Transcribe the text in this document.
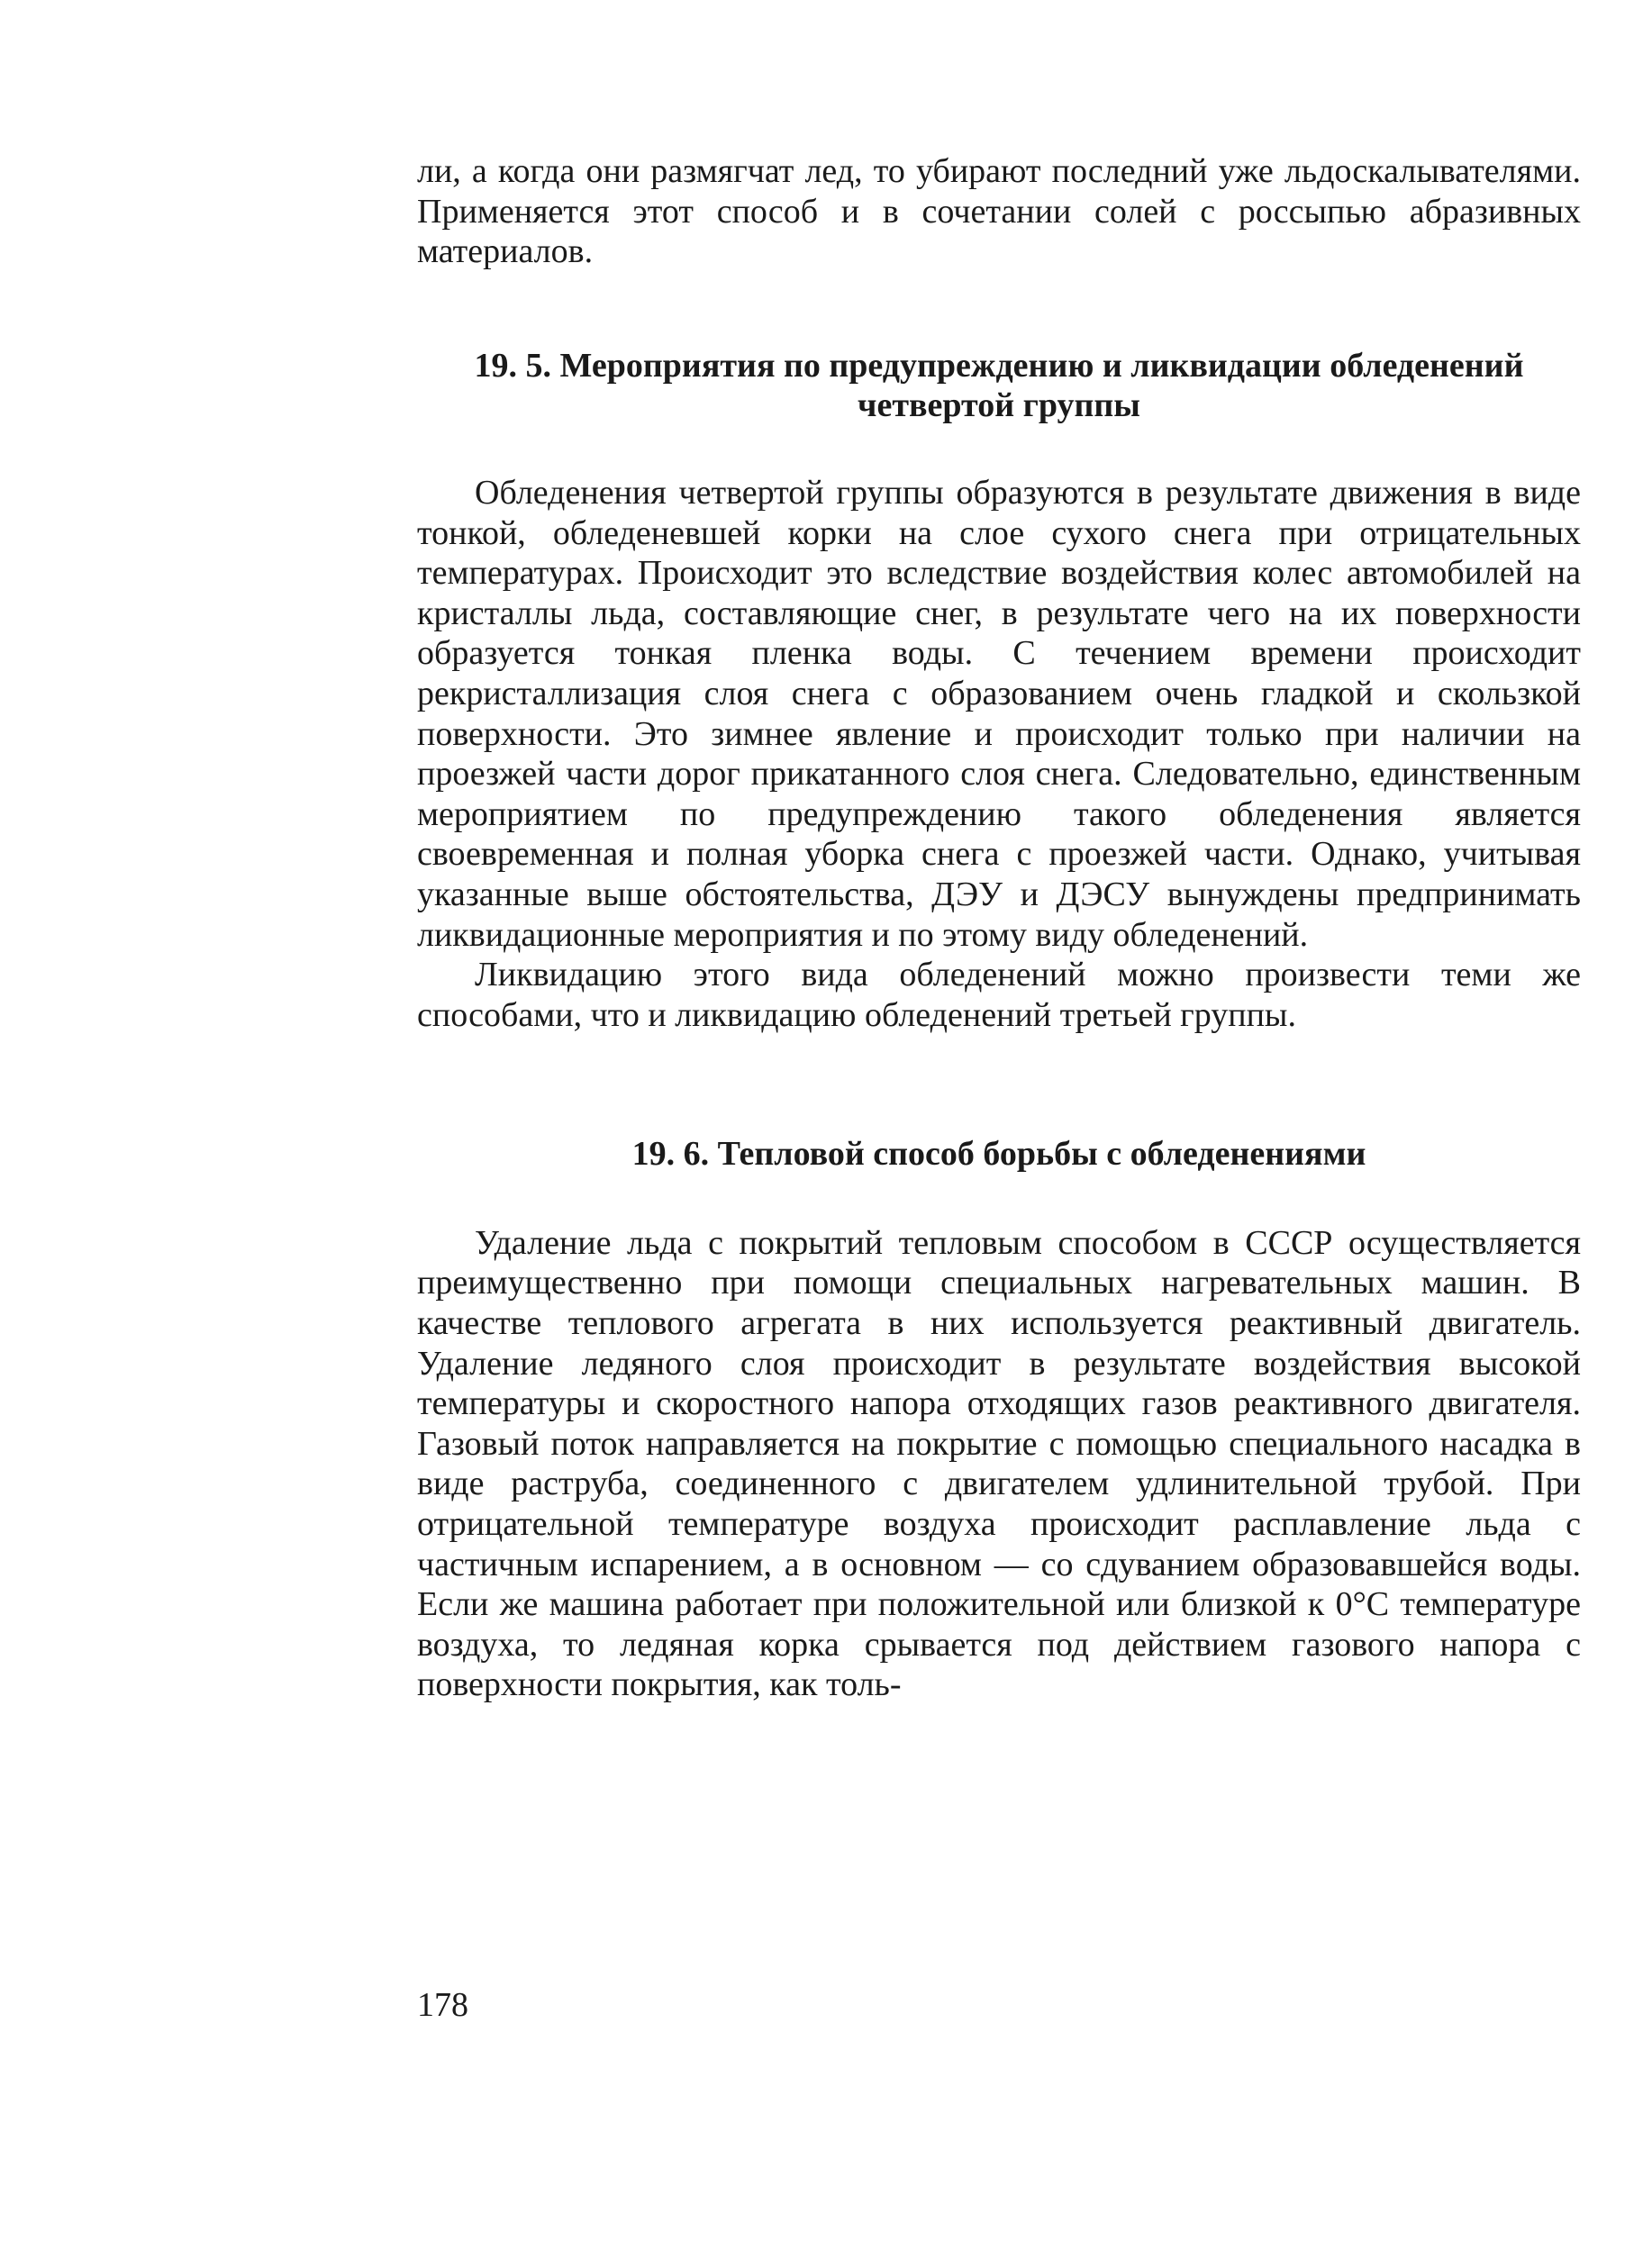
ли, а когда они размягчат лед, то убирают последний уже льдоскалывателями. Применяется этот способ и в сочетании солей с россыпью абразивных материалов.

19. 5. Мероприятия по предупреждению и ликвидации обледенений четвертой группы

Обледенения четвертой группы образуются в результате движения в виде тонкой, обледеневшей корки на слое сухого снега при отрицательных температурах. Происходит это вследствие воздействия колес автомобилей на кристаллы льда, составляющие снег, в результате чего на их поверхности образуется тонкая пленка воды. С течением времени происходит рекристаллизация слоя снега с образованием очень гладкой и скользкой поверхности. Это зимнее явление и происходит только при наличии на проезжей части дорог прикатанного слоя снега. Следовательно, единственным мероприятием по предупреждению такого обледенения является своевременная и полная уборка снега с проезжей части. Однако, учитывая указанные выше обстоятельства, ДЭУ и ДЭСУ вынуждены предпринимать ликвидационные мероприятия и по этому виду обледенений.

Ликвидацию этого вида обледенений можно произвести теми же способами, что и ликвидацию обледенений третьей группы.

19. 6. Тепловой способ борьбы с обледенениями

Удаление льда с покрытий тепловым способом в СССР осуществляется преимущественно при помощи специальных нагревательных машин. В качестве теплового агрегата в них используется реактивный двигатель. Удаление ледяного слоя происходит в результате воздействия высокой температуры и скоростного напора отходящих газов реактивного двигателя. Газовый поток направляется на покрытие с помощью специального насадка в виде раструба, соединенного с двигателем удлинительной трубой. При отрицательной температуре воздуха происходит расплавление льда с частичным испарением, а в основном — со сдуванием образовавшейся воды. Если же машина работает при положительной или близкой к 0°С температуре воздуха, то ледяная корка срывается под действием газового напора с поверхности покрытия, как толь-

178
